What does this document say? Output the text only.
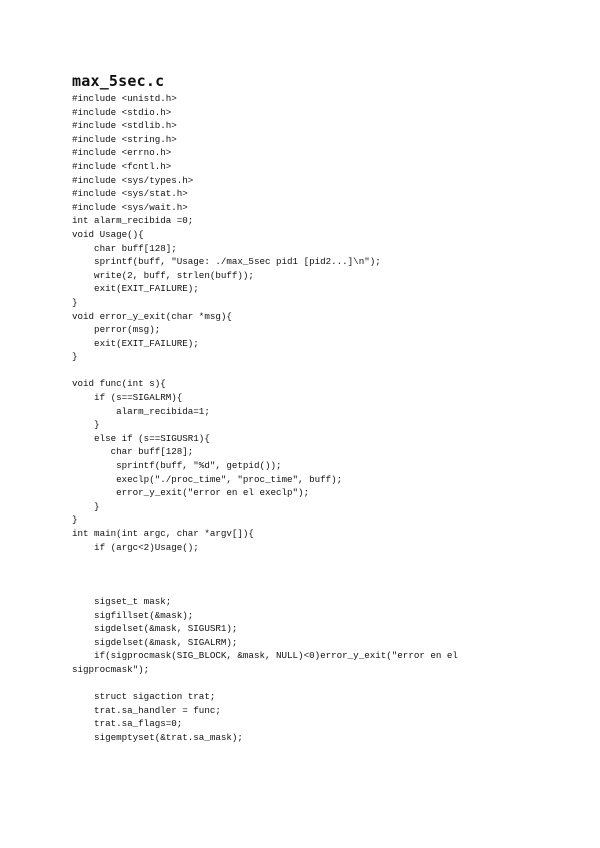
max_5sec.c
#include <unistd.h>
#include <stdio.h>
#include <stdlib.h>
#include <string.h>
#include <errno.h>
#include <fcntl.h>
#include <sys/types.h>
#include <sys/stat.h>
#include <sys/wait.h>
int alarm_recibida =0;
void Usage(){
char buff[128];
sprintf(buff, "Usage: ./max_5sec pid1 [pid2...]\n");
write(2, buff, strlen(buff));
exit(EXIT_FAILURE);
}
void error_y_exit(char *msg){
perror(msg);
exit(EXIT_FAILURE);
}
void func(int s){
if (s==SIGALRM){
alarm_recibida=1;
}
else if (s==SIGUSR1){
char buff[128];
sprintf(buff, "%d", getpid());
execlp("./proc_time", "proc_time", buff);
error_y_exit("error en el execlp");
}
}
int main(int argc, char *argv[]){
if (argc<2)Usage();
sigset_t mask;
sigfillset(&mask);
sigdelset(&mask, SIGUSR1);
sigdelset(&mask, SIGALRM);
if(sigprocmask(SIG_BLOCK, &mask, NULL)<0)error_y_exit("error en el
sigprocmask");
struct sigaction trat;
trat.sa_handler = func;
trat.sa_flags=0;
sigemptyset(&trat.sa_mask);
